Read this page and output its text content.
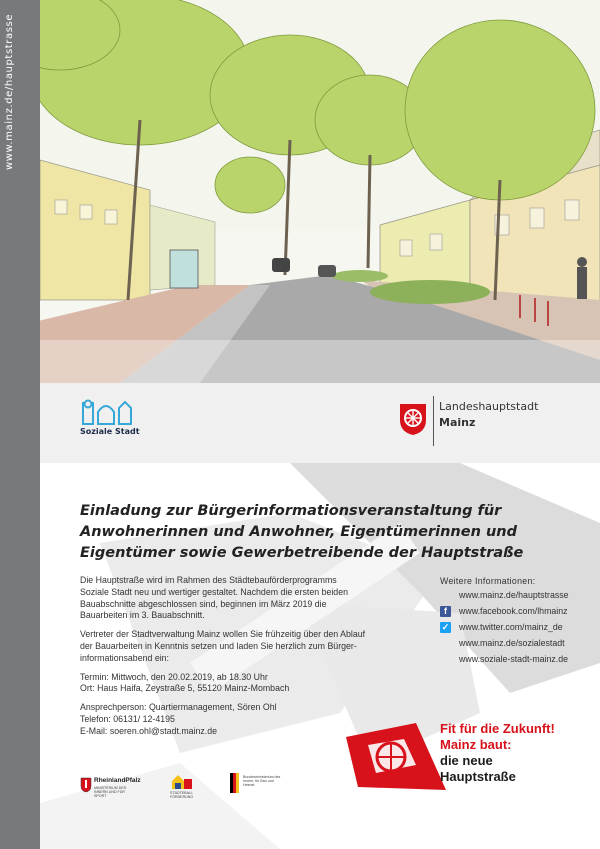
www.mainz.de/hauptstrasse
Soziale Stadt
Landeshauptstadt
Mainz
Einladung zur Bürgerinformationsveranstaltung für
Anwohnerinnen und Anwohner, Eigentümerinnen und
Eigentümer sowie Gewerbetreibende der Hauptstraße

Die Hauptstraße wird im Rahmen des Städtebauförderprogramms
Soziale Stadt neu und wertiger gestaltet. Nachdem die ersten beiden
Bauabschnitte abgeschlossen sind, beginnen im März 2019 die
Bauarbeiten im 3. Bauabschnitt.

Vertreter der Stadtverwaltung Mainz wollen Sie frühzeitig über den Ablauf
der Bauarbeiten in Kenntnis setzen und laden Sie herzlich zum Bürger-
informationsabend ein:

Termin: Mittwoch, den 20.02.2019, ab 18.30 Uhr
Ort: Haus Haifa, Zeystraße 5, 55120 Mainz-Mombach

Ansprechperson: Quartiermanagement, Sören Ohl
Telefon: 06131/ 12-4195
E-Mail: soeren.ohl@stadt.mainz.de

Weitere Informationen:
www.mainz.de/hauptstrasse
f	www.facebook.com/lhmainz
✓ www.twitter.com/mainz_de
www.mainz.de/sozialestadt
www.soziale-stadt-mainz.de
Fit für die Zukunft!
Mainz baut:
die neue
Hauptstraße
RheinlandPfalz
MINISTERIUM DES INNERN UND FÜR SPORT
STÄDTEBAU-FÖRDERUNG
Bundesministerium des Innern, für Bau und Heimat
